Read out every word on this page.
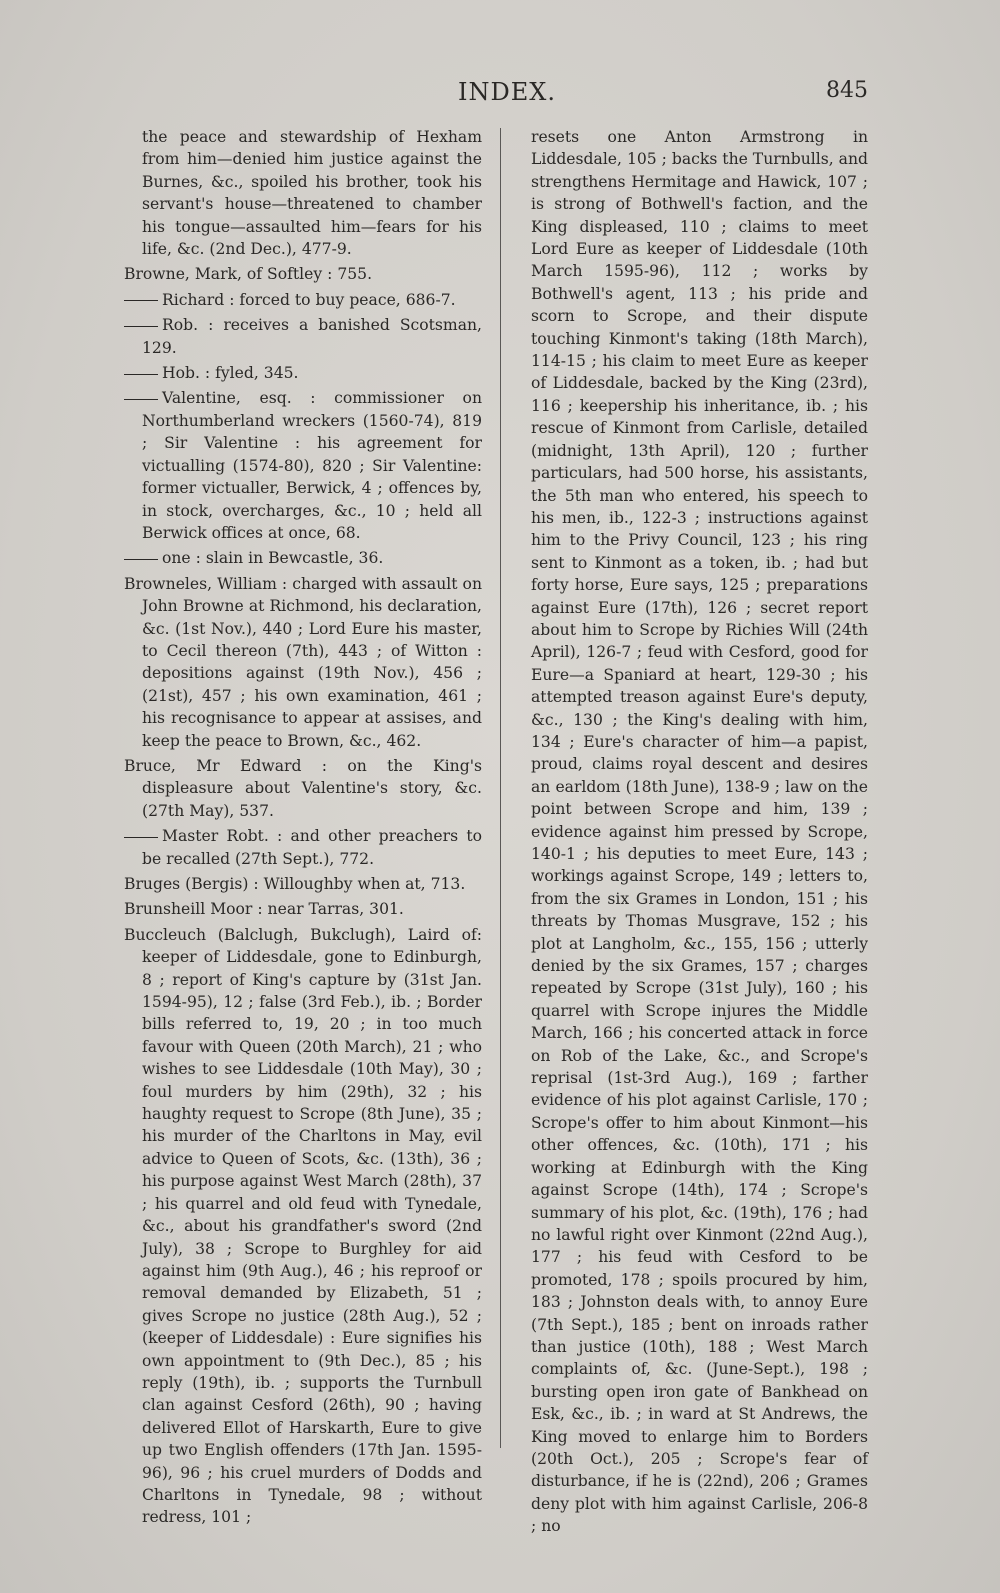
INDEX.	845
the peace and stewardship of Hexham from him—denied him justice against the Burnes, &c., spoiled his brother, took his servant's house—threatened to chamber his tongue—assaulted him—fears for his life, &c. (2nd Dec.), 477-9.
Browne, Mark, of Softley : 755.
Richard : forced to buy peace, 686-7.
Rob. : receives a banished Scotsman, 129.
Hob. : fyled, 345.
Valentine, esq. : commissioner on Northumberland wreckers (1560-74), 819 ; Sir Valentine : his agreement for victualling (1574-80), 820 ; Sir Valentine: former victualler, Berwick, 4 ; offences by, in stock, overcharges, &c., 10 ; held all Berwick offices at once, 68.
one : slain in Bewcastle, 36.
Browneles, William : charged with assault on John Browne at Richmond, his declaration, &c. (1st Nov.), 440 ; Lord Eure his master, to Cecil thereon (7th), 443 ; of Witton : depositions against (19th Nov.), 456 ; (21st), 457 ; his own examination, 461 ; his recognisance to appear at assises, and keep the peace to Brown, &c., 462.
Bruce, Mr Edward : on the King's displeasure about Valentine's story, &c. (27th May), 537.
Master Robt. : and other preachers to be recalled (27th Sept.), 772.
Bruges (Bergis) : Willoughby when at, 713.
Brunsheill Moor : near Tarras, 301.
Buccleuch (Balclugh, Bukclugh), Laird of: keeper of Liddesdale, gone to Edinburgh, 8 ; report of King's capture by (31st Jan. 1594-95), 12 ; false (3rd Feb.), ib. ; Border bills referred to, 19, 20 ; in too much favour with Queen (20th March), 21 ; who wishes to see Liddesdale (10th May), 30 ; foul murders by him (29th), 32 ; his haughty request to Scrope (8th June), 35 ; his murder of the Charltons in May, evil advice to Queen of Scots, &c. (13th), 36 ; his purpose against West March (28th), 37 ; his quarrel and old feud with Tynedale, &c., about his grandfather's sword (2nd July), 38 ; Scrope to Burghley for aid against him (9th Aug.), 46 ; his reproof or removal demanded by Elizabeth, 51 ; gives Scrope no justice (28th Aug.), 52 ; (keeper of Liddesdale) : Eure signifies his own appointment to (9th Dec.), 85 ; his reply (19th), ib. ; supports the Turnbull clan against Cesford (26th), 90 ; having delivered Ellot of Harskarth, Eure to give up two English offenders (17th Jan. 1595-96), 96 ; his cruel murders of Dodds and Charltons in Tynedale, 98 ; without redress, 101 ;
resets one Anton Armstrong in Liddesdale, 105 ; backs the Turnbulls, and strengthens Hermitage and Hawick, 107 ; is strong of Bothwell's faction, and the King displeased, 110 ; claims to meet Lord Eure as keeper of Liddesdale (10th March 1595-96), 112 ; works by Bothwell's agent, 113 ; his pride and scorn to Scrope, and their dispute touching Kinmont's taking (18th March), 114-15 ; his claim to meet Eure as keeper of Liddesdale, backed by the King (23rd), 116 ; keepership his inheritance, ib. ; his rescue of Kinmont from Carlisle, detailed (midnight, 13th April), 120 ; further particulars, had 500 horse, his assistants, the 5th man who entered, his speech to his men, ib., 122-3 ; instructions against him to the Privy Council, 123 ; his ring sent to Kinmont as a token, ib. ; had but forty horse, Eure says, 125 ; preparations against Eure (17th), 126 ; secret report about him to Scrope by Richies Will (24th April), 126-7 ; feud with Cesford, good for Eure—a Spaniard at heart, 129-30 ; his attempted treason against Eure's deputy, &c., 130 ; the King's dealing with him, 134 ; Eure's character of him—a papist, proud, claims royal descent and desires an earldom (18th June), 138-9 ; law on the point between Scrope and him, 139 ; evidence against him pressed by Scrope, 140-1 ; his deputies to meet Eure, 143 ; workings against Scrope, 149 ; letters to, from the six Grames in London, 151 ; his threats by Thomas Musgrave, 152 ; his plot at Langholm, &c., 155, 156 ; utterly denied by the six Grames, 157 ; charges repeated by Scrope (31st July), 160 ; his quarrel with Scrope injures the Middle March, 166 ; his concerted attack in force on Rob of the Lake, &c., and Scrope's reprisal (1st-3rd Aug.), 169 ; farther evidence of his plot against Carlisle, 170 ; Scrope's offer to him about Kinmont—his other offences, &c. (10th), 171 ; his working at Edinburgh with the King against Scrope (14th), 174 ; Scrope's summary of his plot, &c. (19th), 176 ; had no lawful right over Kinmont (22nd Aug.), 177 ; his feud with Cesford to be promoted, 178 ; spoils procured by him, 183 ; Johnston deals with, to annoy Eure (7th Sept.), 185 ; bent on inroads rather than justice (10th), 188 ; West March complaints of, &c. (June-Sept.), 198 ; bursting open iron gate of Bankhead on Esk, &c., ib. ; in ward at St Andrews, the King moved to enlarge him to Borders (20th Oct.), 205 ; Scrope's fear of disturbance, if he is (22nd), 206 ; Grames deny plot with him against Carlisle, 206-8 ; no
